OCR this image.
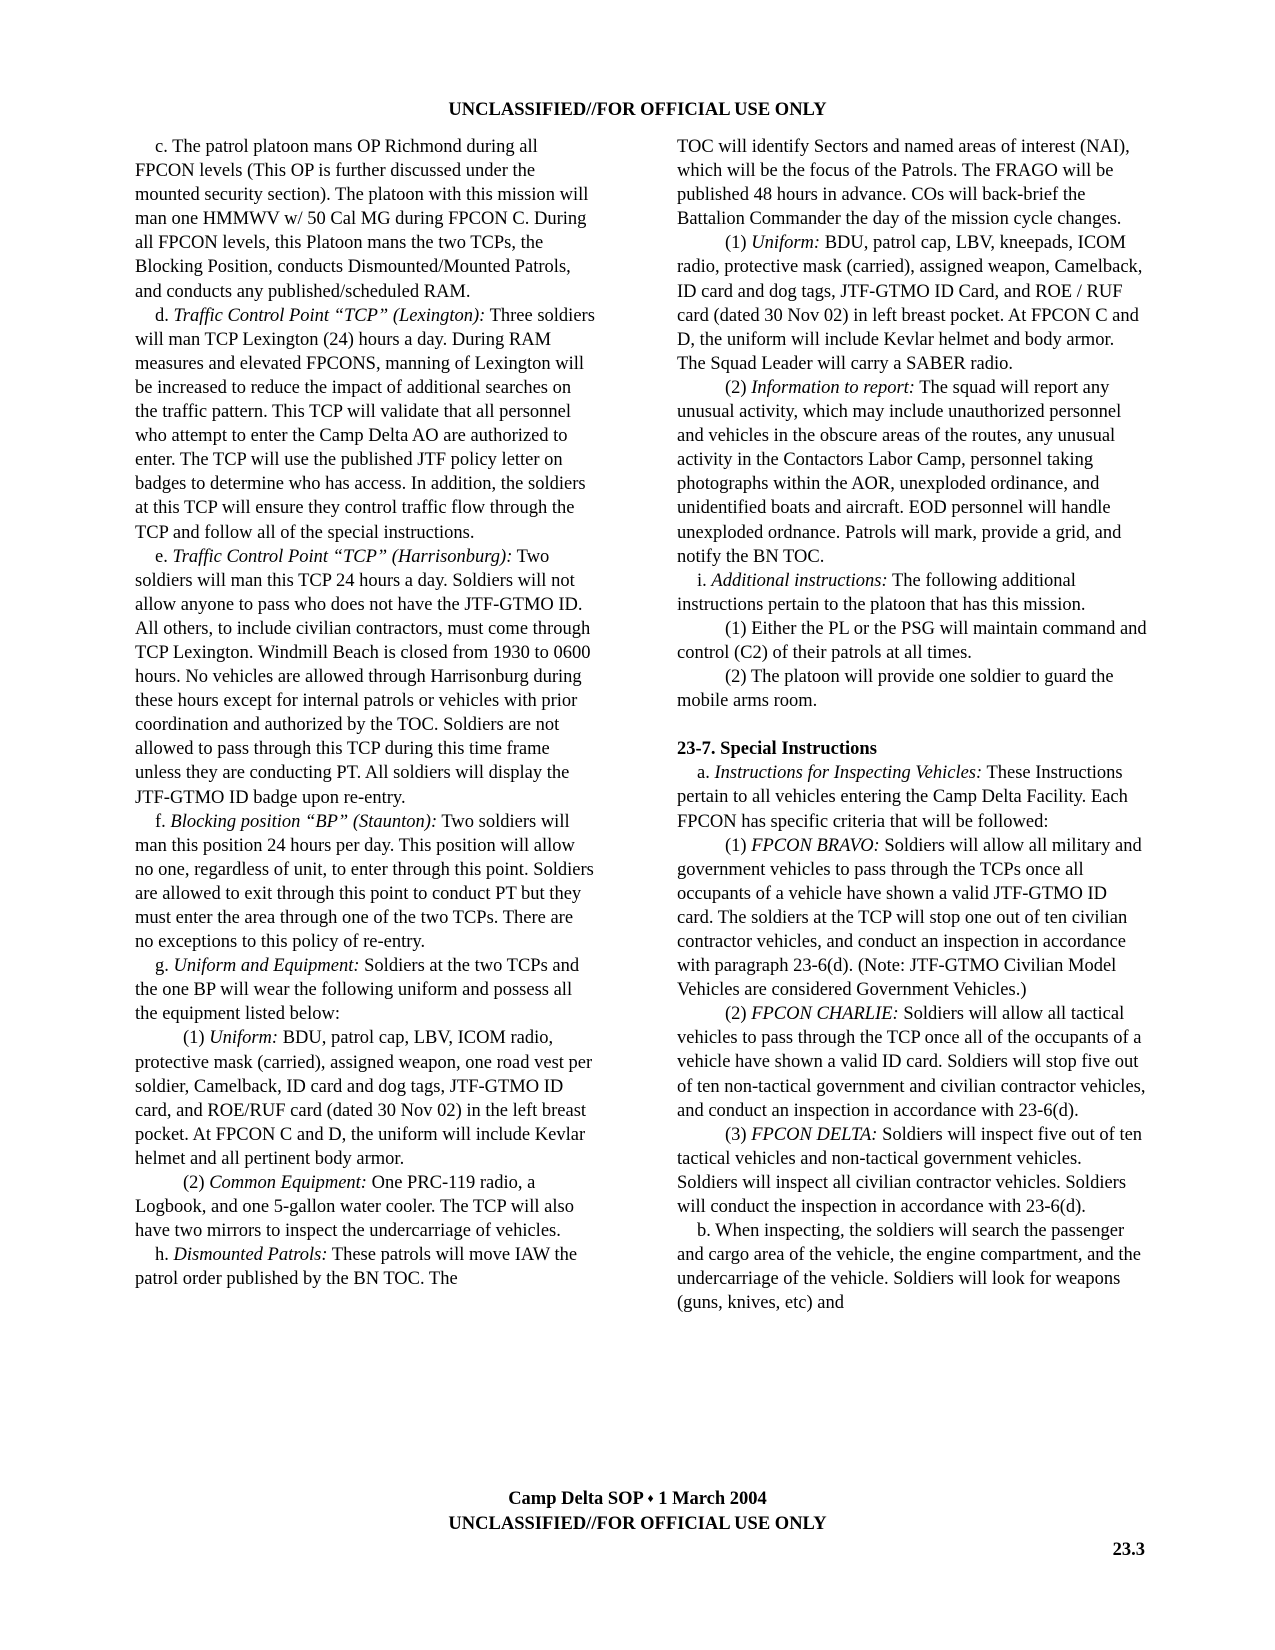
UNCLASSIFIED//FOR OFFICIAL USE ONLY

c. The patrol platoon mans OP Richmond during all FPCON levels (This OP is further discussed under the mounted security section). The platoon with this mission will man one HMMWV w/ 50 Cal MG during FPCON C. During all FPCON levels, this Platoon mans the two TCPs, the Blocking Position, conducts Dismounted/Mounted Patrols, and conducts any published/scheduled RAM.

d. Traffic Control Point “TCP” (Lexington): Three soldiers will man TCP Lexington (24) hours a day. During RAM measures and elevated FPCONS, manning of Lexington will be increased to reduce the impact of additional searches on the traffic pattern. This TCP will validate that all personnel who attempt to enter the Camp Delta AO are authorized to enter. The TCP will use the published JTF policy letter on badges to determine who has access. In addition, the soldiers at this TCP will ensure they control traffic flow through the TCP and follow all of the special instructions.

e. Traffic Control Point “TCP” (Harrisonburg): Two soldiers will man this TCP 24 hours a day. Soldiers will not allow anyone to pass who does not have the JTF-GTMO ID. All others, to include civilian contractors, must come through TCP Lexington. Windmill Beach is closed from 1930 to 0600 hours. No vehicles are allowed through Harrisonburg during these hours except for internal patrols or vehicles with prior coordination and authorized by the TOC. Soldiers are not allowed to pass through this TCP during this time frame unless they are conducting PT. All soldiers will display the JTF-GTMO ID badge upon re-entry.

f. Blocking position “BP” (Staunton): Two soldiers will man this position 24 hours per day. This position will allow no one, regardless of unit, to enter through this point. Soldiers are allowed to exit through this point to conduct PT but they must enter the area through one of the two TCPs. There are no exceptions to this policy of re-entry.

g. Uniform and Equipment: Soldiers at the two TCPs and the one BP will wear the following uniform and possess all the equipment listed below:

(1) Uniform: BDU, patrol cap, LBV, ICOM radio, protective mask (carried), assigned weapon, one road vest per soldier, Camelback, ID card and dog tags, JTF-GTMO ID card, and ROE/RUF card (dated 30 Nov 02) in the left breast pocket. At FPCON C and D, the uniform will include Kevlar helmet and all pertinent body armor.

(2) Common Equipment: One PRC-119 radio, a Logbook, and one 5-gallon water cooler. The TCP will also have two mirrors to inspect the undercarriage of vehicles.

h. Dismounted Patrols: These patrols will move IAW the patrol order published by the BN TOC. The

TOC will identify Sectors and named areas of interest (NAI), which will be the focus of the Patrols. The FRAGO will be published 48 hours in advance. COs will back-brief the Battalion Commander the day of the mission cycle changes.

(1) Uniform: BDU, patrol cap, LBV, kneepads, ICOM radio, protective mask (carried), assigned weapon, Camelback, ID card and dog tags, JTF-GTMO ID Card, and ROE / RUF card (dated 30 Nov 02) in left breast pocket. At FPCON C and D, the uniform will include Kevlar helmet and body armor. The Squad Leader will carry a SABER radio.

(2) Information to report: The squad will report any unusual activity, which may include unauthorized personnel and vehicles in the obscure areas of the routes, any unusual activity in the Contactors Labor Camp, personnel taking photographs within the AOR, unexploded ordinance, and unidentified boats and aircraft. EOD personnel will handle unexploded ordnance. Patrols will mark, provide a grid, and notify the BN TOC.

i. Additional instructions: The following additional instructions pertain to the platoon that has this mission.

(1) Either the PL or the PSG will maintain command and control (C2) of their patrols at all times.

(2) The platoon will provide one soldier to guard the mobile arms room.

23-7. Special Instructions

a. Instructions for Inspecting Vehicles: These Instructions pertain to all vehicles entering the Camp Delta Facility. Each FPCON has specific criteria that will be followed:

(1) FPCON BRAVO: Soldiers will allow all military and government vehicles to pass through the TCPs once all occupants of a vehicle have shown a valid JTF-GTMO ID card. The soldiers at the TCP will stop one out of ten civilian contractor vehicles, and conduct an inspection in accordance with paragraph 23-6(d). (Note: JTF-GTMO Civilian Model Vehicles are considered Government Vehicles.)

(2) FPCON CHARLIE: Soldiers will allow all tactical vehicles to pass through the TCP once all of the occupants of a vehicle have shown a valid ID card. Soldiers will stop five out of ten non-tactical government and civilian contractor vehicles, and conduct an inspection in accordance with 23-6(d).

(3) FPCON DELTA: Soldiers will inspect five out of ten tactical vehicles and non-tactical government vehicles. Soldiers will inspect all civilian contractor vehicles. Soldiers will conduct the inspection in accordance with 23-6(d).

b. When inspecting, the soldiers will search the passenger and cargo area of the vehicle, the engine compartment, and the undercarriage of the vehicle. Soldiers will look for weapons (guns, knives, etc) and

Camp Delta SOP ♦ 1 March 2004
UNCLASSIFIED//FOR OFFICIAL USE ONLY
23.3
